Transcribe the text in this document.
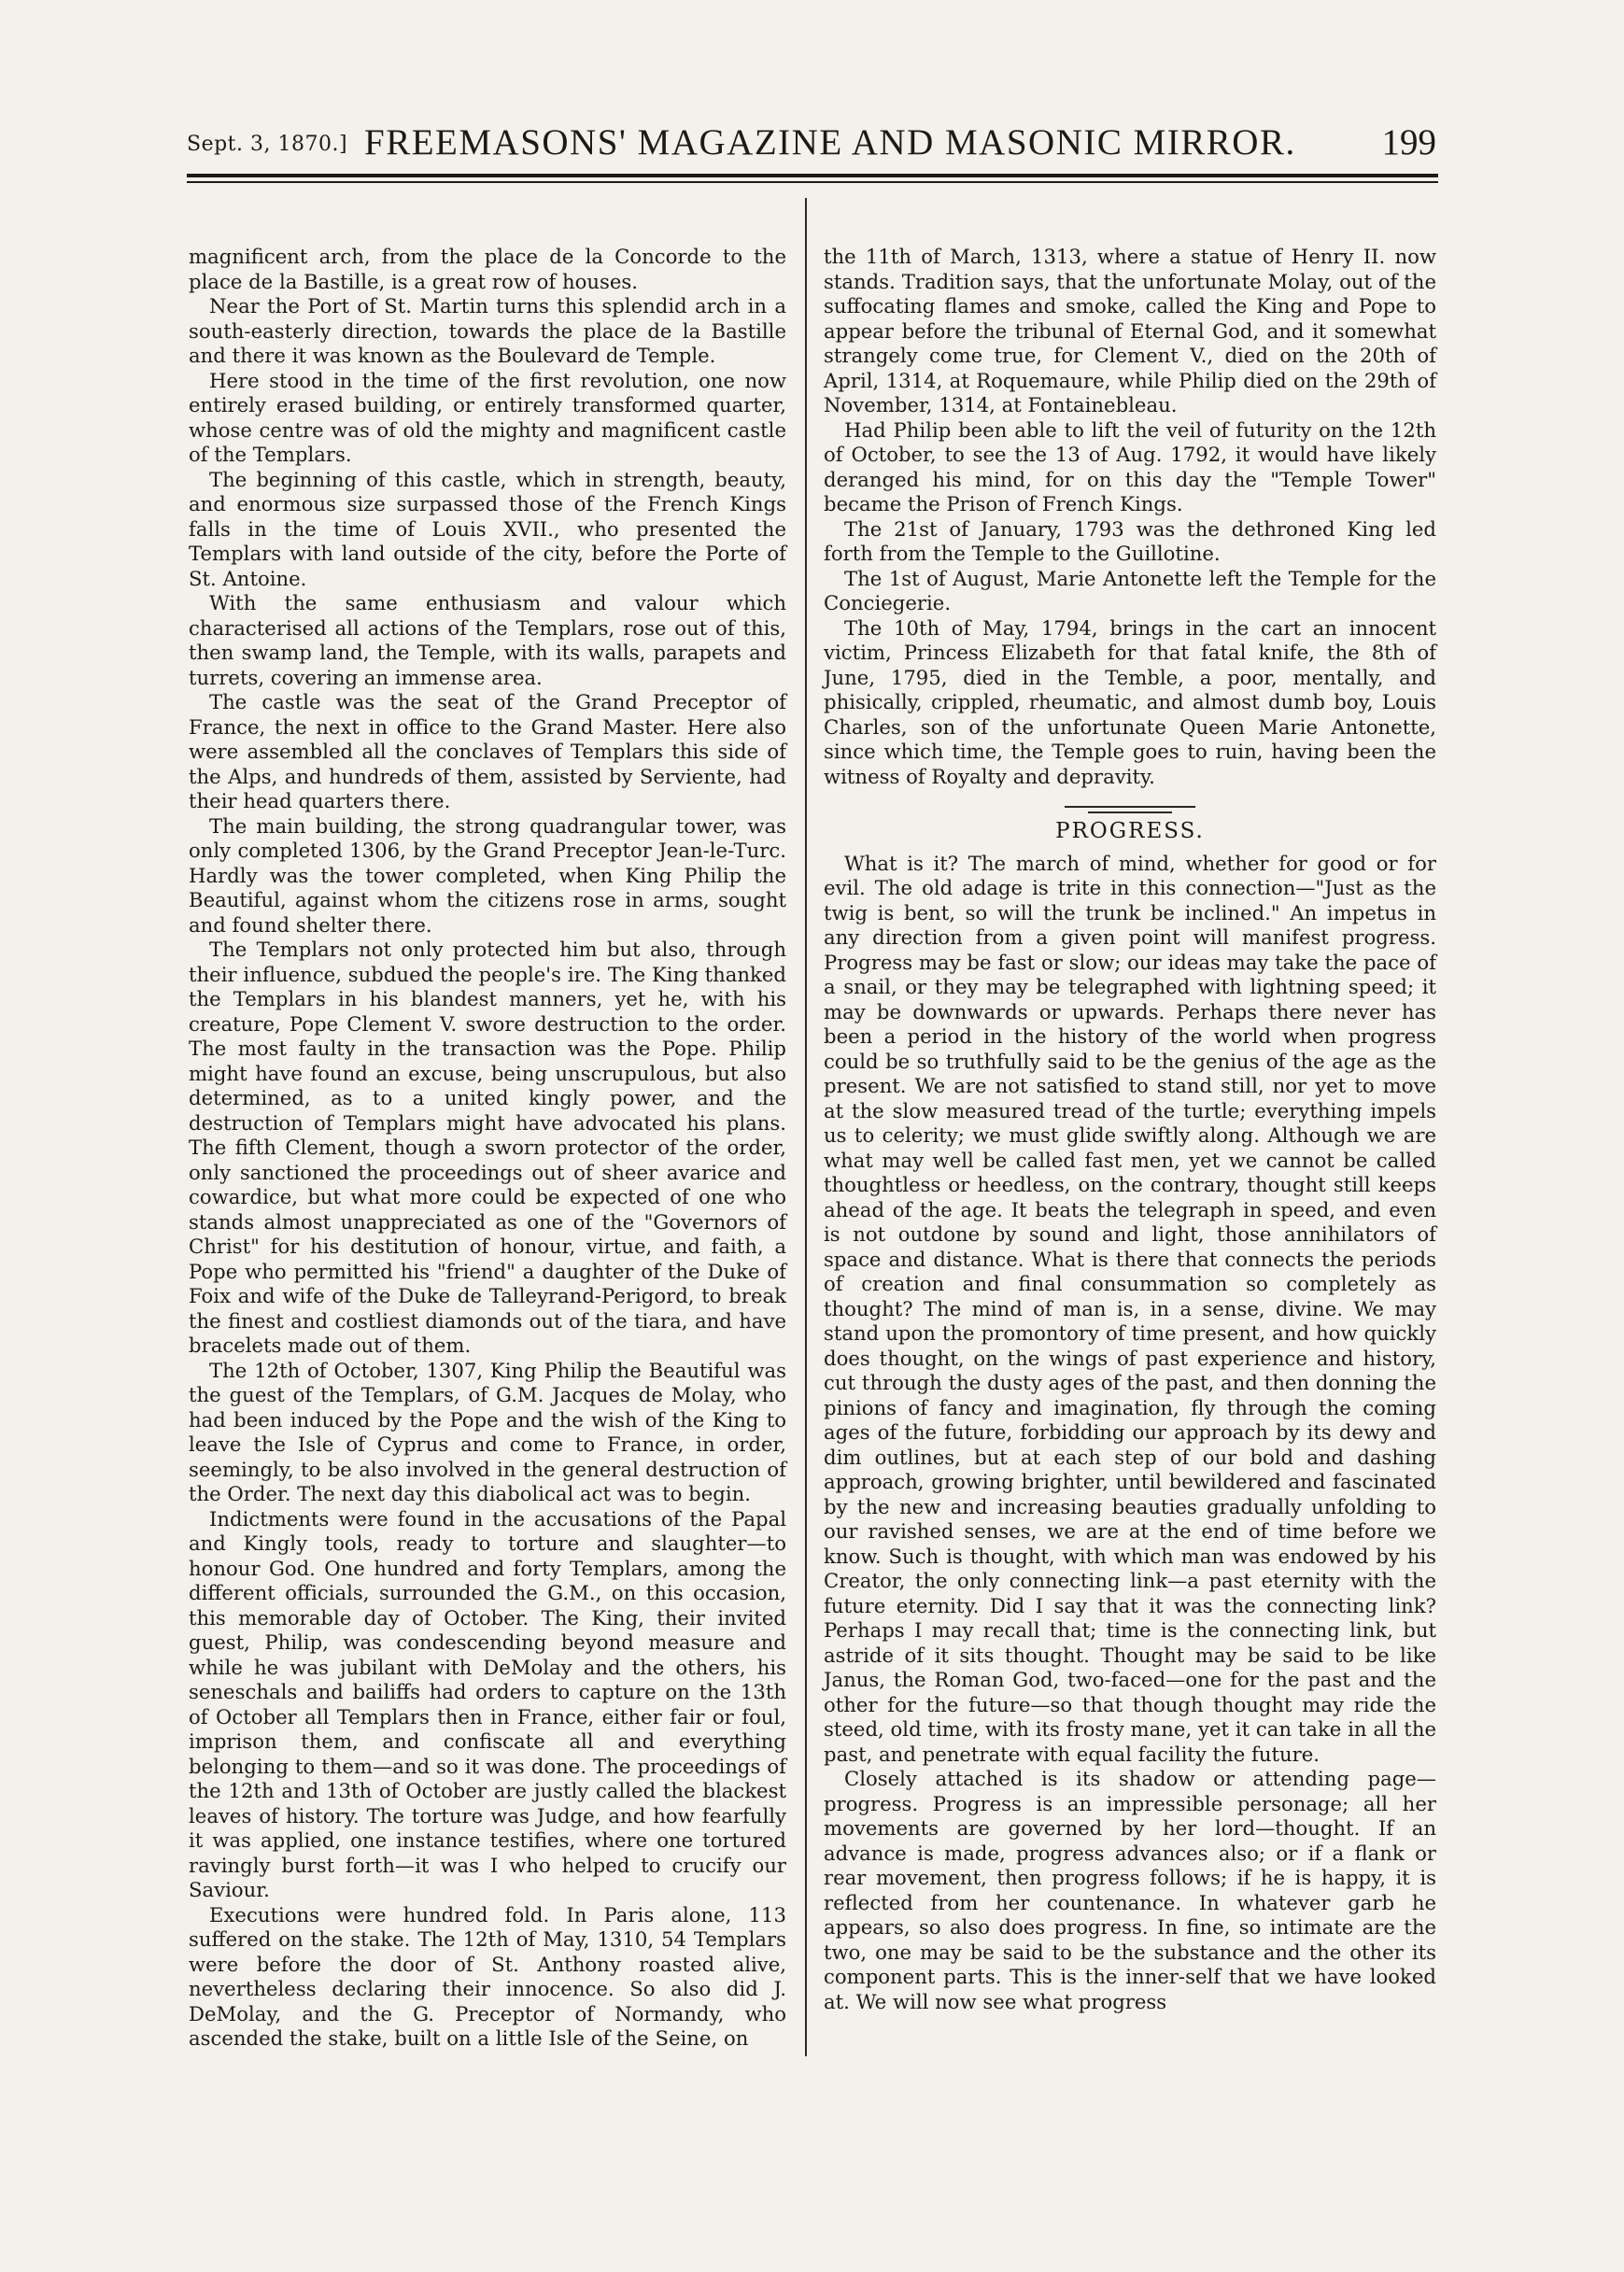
Sept. 3, 1870.] FREEMASONS' MAGAZINE AND MASONIC MIRROR. 199

magnificent arch, from the place de la Concorde to the place de la Bastille, is a great row of houses.

Near the Port of St. Martin turns this splendid arch in a south-easterly direction, towards the place de la Bastille and there it was known as the Boulevard de Temple.

Here stood in the time of the first revolution, one now entirely erased building, or entirely transformed quarter, whose centre was of old the mighty and magnificent castle of the Templars.

The beginning of this castle, which in strength, beauty, and enormous size surpassed those of the French Kings falls in the time of Louis XVII., who presented the Templars with land outside of the city, before the Porte of St. Antoine.

With the same enthusiasm and valour which characterised all actions of the Templars, rose out of this, then swamp land, the Temple, with its walls, parapets and turrets, covering an immense area.

The castle was the seat of the Grand Preceptor of France, the next in office to the Grand Master. Here also were assembled all the conclaves of Templars this side of the Alps, and hundreds of them, assisted by Serviente, had their head quarters there.

The main building, the strong quadrangular tower, was only completed 1306, by the Grand Preceptor Jean-le-Turc. Hardly was the tower completed, when King Philip the Beautiful, against whom the citizens rose in arms, sought and found shelter there.

The Templars not only protected him but also, through their influence, subdued the people's ire. The King thanked the Templars in his blandest manners, yet he, with his creature, Pope Clement V. swore destruction to the order. The most faulty in the transaction was the Pope. Philip might have found an excuse, being unscrupulous, but also determined, as to a united kingly power, and the destruction of Templars might have advocated his plans. The fifth Clement, though a sworn protector of the order, only sanctioned the proceedings out of sheer avarice and cowardice, but what more could be expected of one who stands almost unappreciated as one of the "Governors of Christ" for his destitution of honour, virtue, and faith, a Pope who permitted his "friend" a daughter of the Duke of Foix and wife of the Duke de Talleyrand-Perigord, to break the finest and costliest diamonds out of the tiara, and have bracelets made out of them.

The 12th of October, 1307, King Philip the Beautiful was the guest of the Templars, of G.M. Jacques de Molay, who had been induced by the Pope and the wish of the King to leave the Isle of Cyprus and come to France, in order, seemingly, to be also involved in the general destruction of the Order. The next day this diabolical act was to begin.

Indictments were found in the accusations of the Papal and Kingly tools, ready to torture and slaughter—to honour God. One hundred and forty Templars, among the different officials, surrounded the G.M., on this occasion, this memorable day of October. The King, their invited guest, Philip, was condescending beyond measure and while he was jubilant with DeMolay and the others, his seneschals and bailiffs had orders to capture on the 13th of October all Templars then in France, either fair or foul, imprison them, and confiscate all and everything belonging to them—and so it was done. The proceedings of the 12th and 13th of October are justly called the blackest leaves of history. The torture was Judge, and how fearfully it was applied, one instance testifies, where one tortured ravingly burst forth—it was I who helped to crucify our Saviour.

Executions were hundred fold. In Paris alone, 113 suffered on the stake. The 12th of May, 1310, 54 Templars were before the door of St. Anthony roasted alive, nevertheless declaring their innocence. So also did J. DeMolay, and the G. Preceptor of Normandy, who ascended the stake, built on a little Isle of the Seine, on

the 11th of March, 1313, where a statue of Henry II. now stands. Tradition says, that the unfortunate Molay, out of the suffocating flames and smoke, called the King and Pope to appear before the tribunal of Eternal God, and it somewhat strangely come true, for Clement V., died on the 20th of April, 1314, at Roquemaure, while Philip died on the 29th of November, 1314, at Fontainebleau.

Had Philip been able to lift the veil of futurity on the 12th of October, to see the 13 of Aug. 1792, it would have likely deranged his mind, for on this day the "Temple Tower" became the Prison of French Kings.

The 21st of January, 1793 was the dethroned King led forth from the Temple to the Guillotine.

The 1st of August, Marie Antonette left the Temple for the Conciegerie.

The 10th of May, 1794, brings in the cart an innocent victim, Princess Elizabeth for that fatal knife, the 8th of June, 1795, died in the Temble, a poor, mentally, and phisically, crippled, rheumatic, and almost dumb boy, Louis Charles, son of the unfortunate Queen Marie Antonette, since which time, the Temple goes to ruin, having been the witness of Royalty and depravity.

PROGRESS.

What is it? The march of mind, whether for good or for evil. The old adage is trite in this connection—"Just as the twig is bent, so will the trunk be inclined." An impetus in any direction from a given point will manifest progress. Progress may be fast or slow; our ideas may take the pace of a snail, or they may be telegraphed with lightning speed; it may be downwards or upwards. Perhaps there never has been a period in the history of the world when progress could be so truthfully said to be the genius of the age as the present. We are not satisfied to stand still, nor yet to move at the slow measured tread of the turtle; everything impels us to celerity; we must glide swiftly along. Although we are what may well be called fast men, yet we cannot be called thoughtless or heedless, on the contrary, thought still keeps ahead of the age. It beats the telegraph in speed, and even is not outdone by sound and light, those annihilators of space and distance. What is there that connects the periods of creation and final consummation so completely as thought? The mind of man is, in a sense, divine. We may stand upon the promontory of time present, and how quickly does thought, on the wings of past experience and history, cut through the dusty ages of the past, and then donning the pinions of fancy and imagination, fly through the coming ages of the future, forbidding our approach by its dewy and dim outlines, but at each step of our bold and dashing approach, growing brighter, until bewildered and fascinated by the new and increasing beauties gradually unfolding to our ravished senses, we are at the end of time before we know. Such is thought, with which man was endowed by his Creator, the only connecting link—a past eternity with the future eternity. Did I say that it was the connecting link? Perhaps I may recall that; time is the connecting link, but astride of it sits thought. Thought may be said to be like Janus, the Roman God, two-faced—one for the past and the other for the future—so that though thought may ride the steed, old time, with its frosty mane, yet it can take in all the past, and penetrate with equal facility the future.

Closely attached is its shadow or attending page—progress. Progress is an impressible personage; all her movements are governed by her lord—thought. If an advance is made, progress advances also; or if a flank or rear movement, then progress follows; if he is happy, it is reflected from her countenance. In whatever garb he appears, so also does progress. In fine, so intimate are the two, one may be said to be the substance and the other its component parts. This is the inner-self that we have looked at. We will now see what progress
